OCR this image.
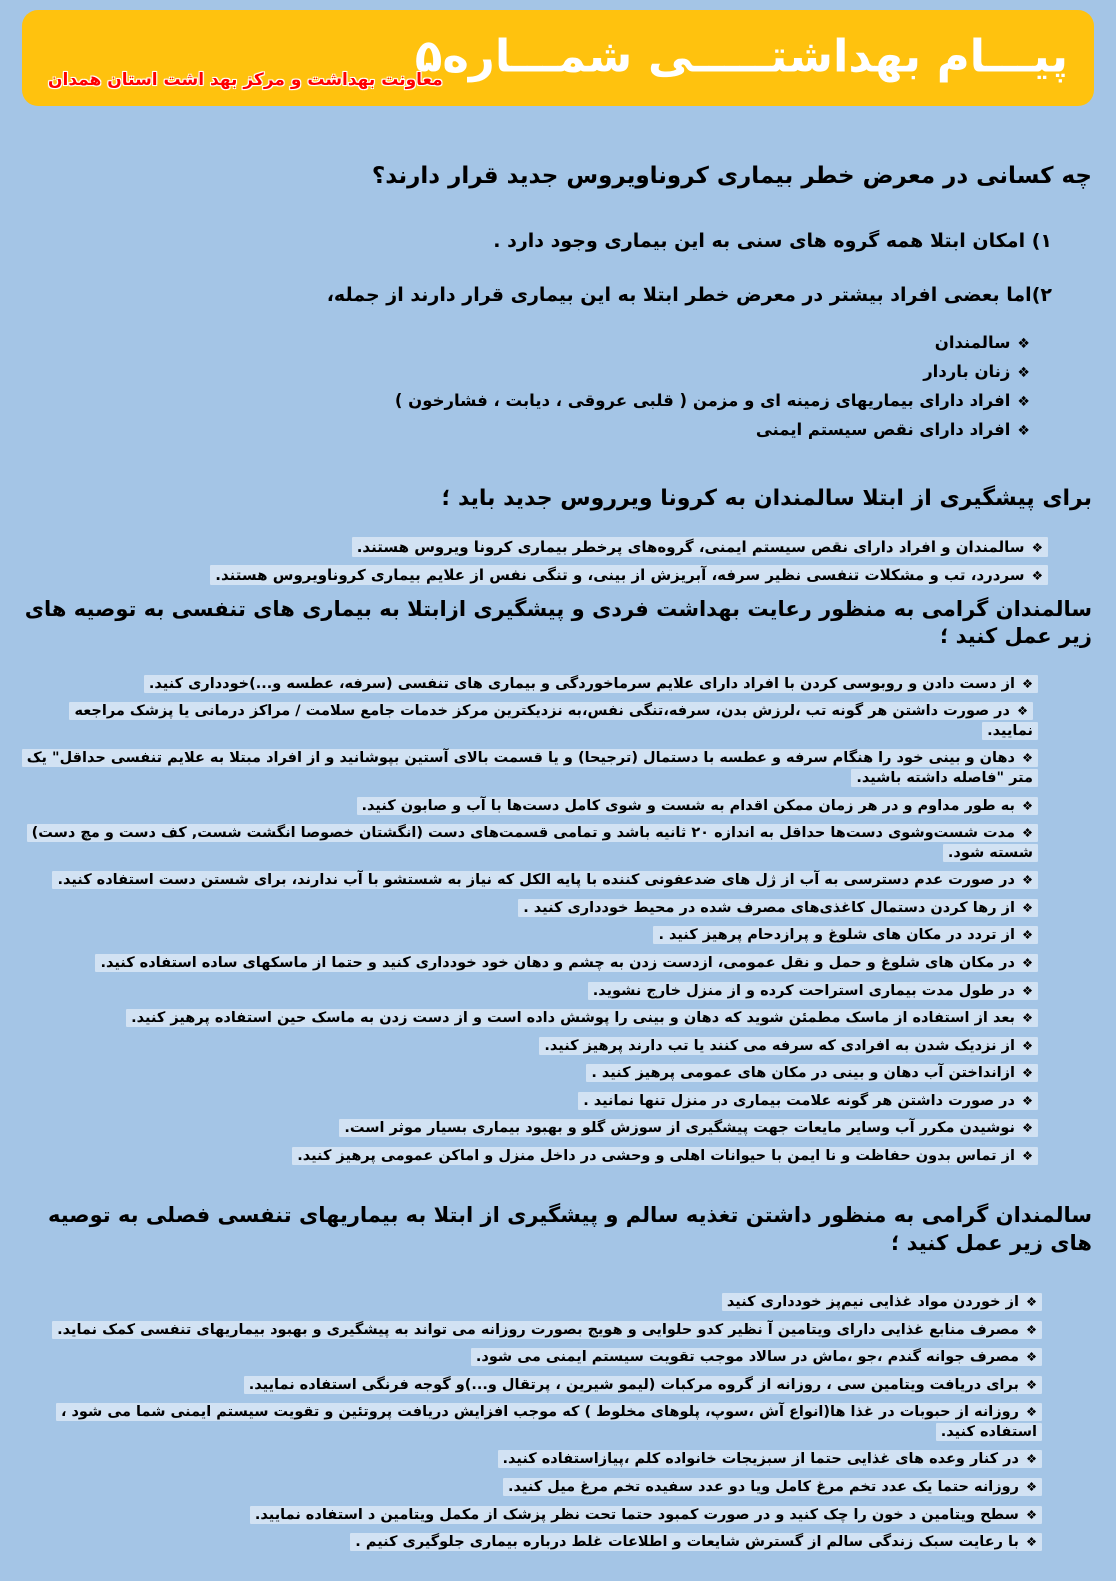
پیـــام بهداشتـــــی شمـــاره۵
معاونت بهداشت و مرکز بهد اشت استان همدان
چه کسانی در معرض خطر بیماری کروناویروس جدید قرار دارند؟

۱) امکان ابتلا همه گروه های سنی به این بیماری وجود دارد .

۲)اما بعضی افراد بیشتر در معرض خطر ابتلا به این بیماری قرار دارند از جمله،

❖سالمندان
❖زنان باردار
❖افراد دارای بیماریهای زمینه ای و مزمن ( قلبی عروقی ، دیابت ، فشارخون )
❖افراد دارای نقص سیستم ایمنی
برای پیشگیری از ابتلا سالمندان به کرونا ویرروس جدید باید ؛
❖سالمندان و افراد دارای نقص سیستم ایمنی، گروه‌های پرخطر بیماری کرونا ویروس هستند.
❖سردرد، تب و مشکلات تنفسی نظیر سرفه، آبریزش از بینی، و تنگی نفس از علایم بیماری کروناویروس هستند.
سالمندان گرامی به منظور رعایت بهداشت فردی و پیشگیری ازابتلا به بیماری های تنفسی به توصیه های زیر عمل کنید ؛
❖از دست دادن و روبوسی کردن با افراد دارای علایم سرماخوردگی و بیماری های تنفسی (سرفه، عطسه و...)خودداری کنید.
❖در صورت داشتن هر گونه تب ،لرزش بدن، سرفه،تنگی نفس،به نزدیکترین مرکز خدمات جامع سلامت / مراکز درمانی یا پزشک مراجعه نمایید.
❖دهان و بینی خود را هنگام سرفه و عطسه با دستمال (ترجیحا) و یا قسمت بالای آستین بپوشانید و از افراد مبتلا به علایم تنفسی حداقل" یک متر "فاصله داشته باشید.
❖به طور مداوم و در هر زمان ممکن اقدام به شست و شوی کامل دست‌ها با آب و صابون کنید.
❖مدت شست‌وشوی دست‌ها حداقل به اندازه ۲۰ ثانیه باشد و تمامی قسمت‌های دست (انگشتان خصوصا انگشت شست, کف دست و مچ دست) شسته شود.
❖در صورت عدم دسترسی به آب از ژل های ضدعفونی کننده با پایه الکل که نیاز به شستشو با آب ندارند، برای شستن دست استفاده کنید.
❖از رها کردن دستمال کاغذی‌های مصرف شده در محیط خودداری کنید .
❖از تردد در مکان های شلوغ و پرازدحام پرهیز کنید .
❖در مکان های شلوغ و حمل و نقل عمومی، ازدست زدن به چشم و دهان خود خودداری کنید و حتما از ماسکهای ساده استفاده کنید.
❖در طول مدت بیماری استراحت کرده و از منزل خارج نشوید.
❖بعد از استفاده از ماسک مطمئن شوید که دهان و بینی را پوشش داده است و از دست زدن به ماسک حین استفاده پرهیز کنید.
❖از نزدیک شدن به افرادی که سرفه می کنند یا تب دارند پرهیز کنید.
❖ازانداختن آب دهان و بینی در مکان های عمومی پرهیز کنید .
❖در صورت داشتن هر گونه علامت بیماری در منزل تنها نمانید .
❖نوشیدن مکرر آب وسایر مایعات جهت پیشگیری از سوزش گلو و بهبود بیماری بسیار موثر است.
❖از تماس بدون حفاظت و نا ایمن با حیوانات اهلی و وحشی در داخل منزل و اماکن عمومی پرهیز کنید.
سالمندان گرامی به منظور داشتن تغذیه سالم و پیشگیری از ابتلا به بیماریهای تنفسی فصلی به توصیه های زیر عمل کنید ؛
❖از خوردن مواد غذایی نیم‌پز خودداری کنید
❖مصرف منابع غذایی دارای ویتامین آ نظیر کدو حلوایی و هویج بصورت روزانه می تواند به پیشگیری و بهبود بیماریهای تنفسی کمک نماید.
❖مصرف جوانه گندم ،جو ،ماش در سالاد موجب تقویت سیستم ایمنی می شود.
❖برای دریافت ویتامین سی ، روزانه از گروه مرکبات (لیمو شیرین ، پرتقال و...)و گوجه فرنگی استفاده نمایید.
❖روزانه از حبوبات در غذا ها(انواع آش ،سوپ، پلوهای مخلوط ) که موجب افزایش دریافت پروتئین و تقویت سیستم ایمنی شما می شود ، استفاده کنید.
❖در کنار وعده های غذایی حتما از سبزیجات خانواده کلم ،پیازاستفاده کنید.
❖روزانه حتما یک عدد تخم مرغ کامل ویا دو عدد سفیده تخم مرغ میل کنید.
❖سطح ویتامین د خون را چک کنید و در صورت کمبود حتما تحت نظر پزشک از مکمل ویتامین د استفاده نمایید.
❖با رعایت سبک زندگی سالم از گسترش شایعات و اطلاعات غلط درباره بیماری جلوگیری کنیم .
